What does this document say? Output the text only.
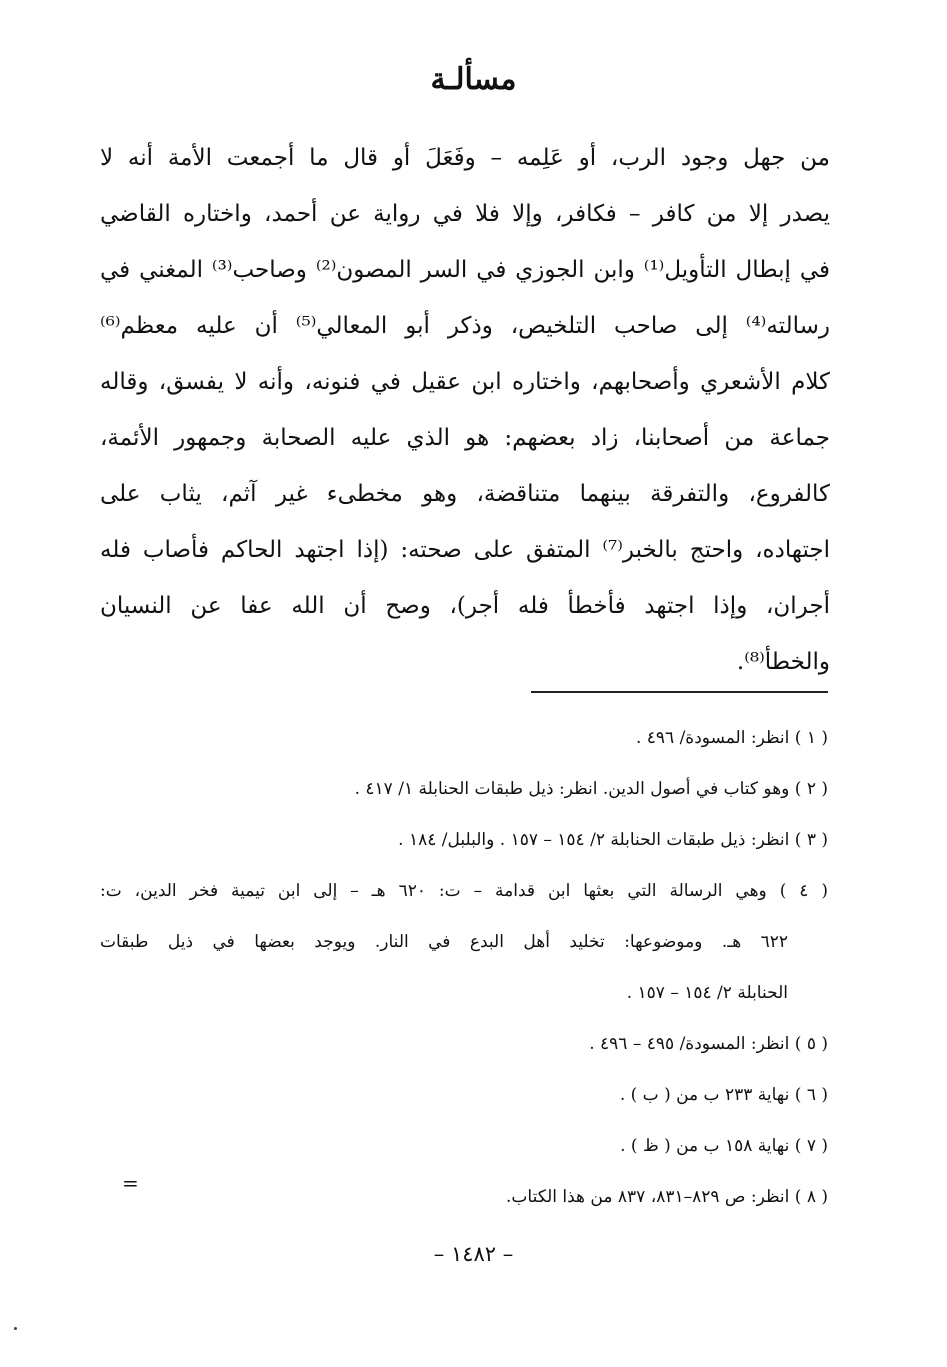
مسألـة
من جهل وجود الرب، أو عَلِمه – وفَعَلَ أو قال ما أجمعت الأمة أنه لا
يصدر إلا من كافر – فكافر، وإلا فلا في رواية عن أحمد، واختاره القاضي
في إبطال التأويل⁽¹⁾ وابن الجوزي في السر المصون⁽²⁾ وصاحب⁽³⁾ المغني في
رسالته⁽⁴⁾ إلى صاحب التلخيص، وذكر أبو المعالي⁽⁵⁾ أن عليه معظم⁽⁶⁾
كلام الأشعري وأصحابهم، واختاره ابن عقيل في فنونه، وأنه لا يفسق، وقاله
جماعة من أصحابنا، زاد بعضهم: هو الذي عليه الصحابة وجمهور الأئمة،
كالفروع، والتفرقة بينهما متناقضة، وهو مخطىء غير آثم، يثاب على
اجتهاده، واحتج بالخبر⁽⁷⁾ المتفق على صحته: (إذا اجتهد الحاكم فأصاب فله
أجران، وإذا اجتهد فأخطأ فله أجر)، وصح أن الله عفا عن النسيان
والخطأ⁽⁸⁾.
( ١ ) انظر: المسودة/ ٤٩٦ .
( ٢ ) وهو كتاب في أصول الدين. انظر: ذيل طبقات الحنابلة ١/ ٤١٧ .
( ٣ ) انظر: ذيل طبقات الحنابلة ٢/ ١٥٤ – ١٥٧ . والبلبل/ ١٨٤ .
( ٤ ) وهي الرسالة التي بعثها ابن قدامة – ت: ٦٢٠ هـ – إلى ابن تيمية فخر الدين، ت:
٦٢٢ هـ. وموضوعها: تخليد أهل البدع في النار. ويوجد بعضها في ذيل طبقات
الحنابلة ٢/ ١٥٤ – ١٥٧ .
( ٥ ) انظر: المسودة/ ٤٩٥ – ٤٩٦ .
( ٦ ) نهاية ٢٣٣ ب من ( ب ) .
( ٧ ) نهاية ١٥٨ ب من ( ظ ) .
( ٨ ) انظر: ص ٨٢٩–٨٣١، ٨٣٧ من هذا الكتاب.
=
– ١٤٨٢ –
